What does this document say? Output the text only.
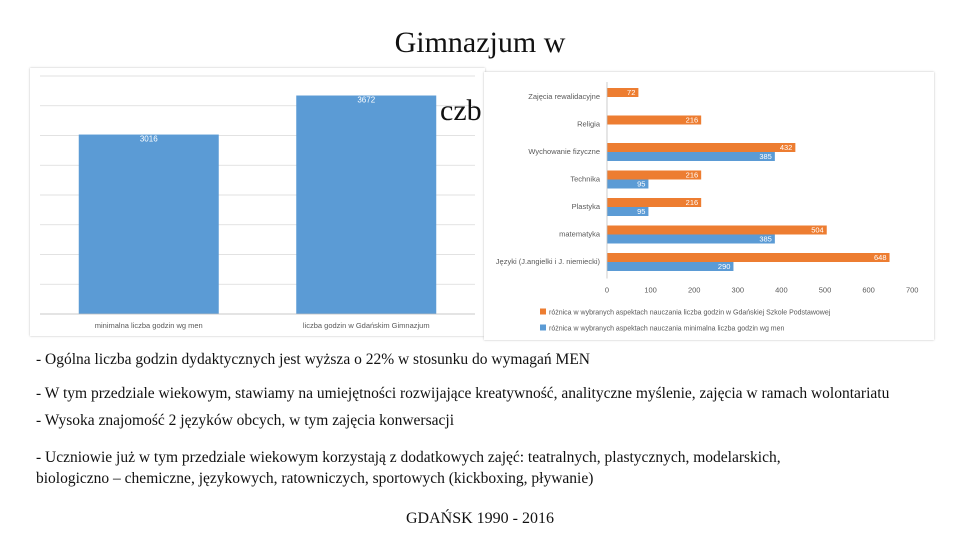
Gimnazjum w
3016
minimalna liczba godzin wg men
3672
liczba godzin w Gdańskim Gimnazjum
czb	Zajęcia rewalidacyjne	72
Religia	216
Wychowanie fizyczne	432
385
Technika	216
95
Plastyka	216
95
matematyka	504
385
Języki (J.angielki i J. niemiecki)	648
290
0	100	200	300	400	500	600	700
różnica w wybranych aspektach nauczania liczba godzin w Gdańskiej Szkole Podstawowej
różnica w wybranych aspektach nauczania minimalna liczba godzin wg men
- Ogólna liczba godzin dydaktycznych jest wyższa o 22% w stosunku do wymagań MEN
- W tym przedziale wiekowym, stawiamy na umiejętności rozwijające kreatywność, analityczne myślenie, zajęcia w ramach wolontariatu
- Wysoka znajomość 2 języków obcych, w tym zajęcia konwersacji
- Uczniowie już w tym przedziale wiekowym korzystają z dodatkowych zajęć: teatralnych, plastycznych, modelarskich,
biologiczno – chemiczne, językowych, ratowniczych, sportowych (kickboxing, pływanie)
GDAŃSK 1990 - 2016
